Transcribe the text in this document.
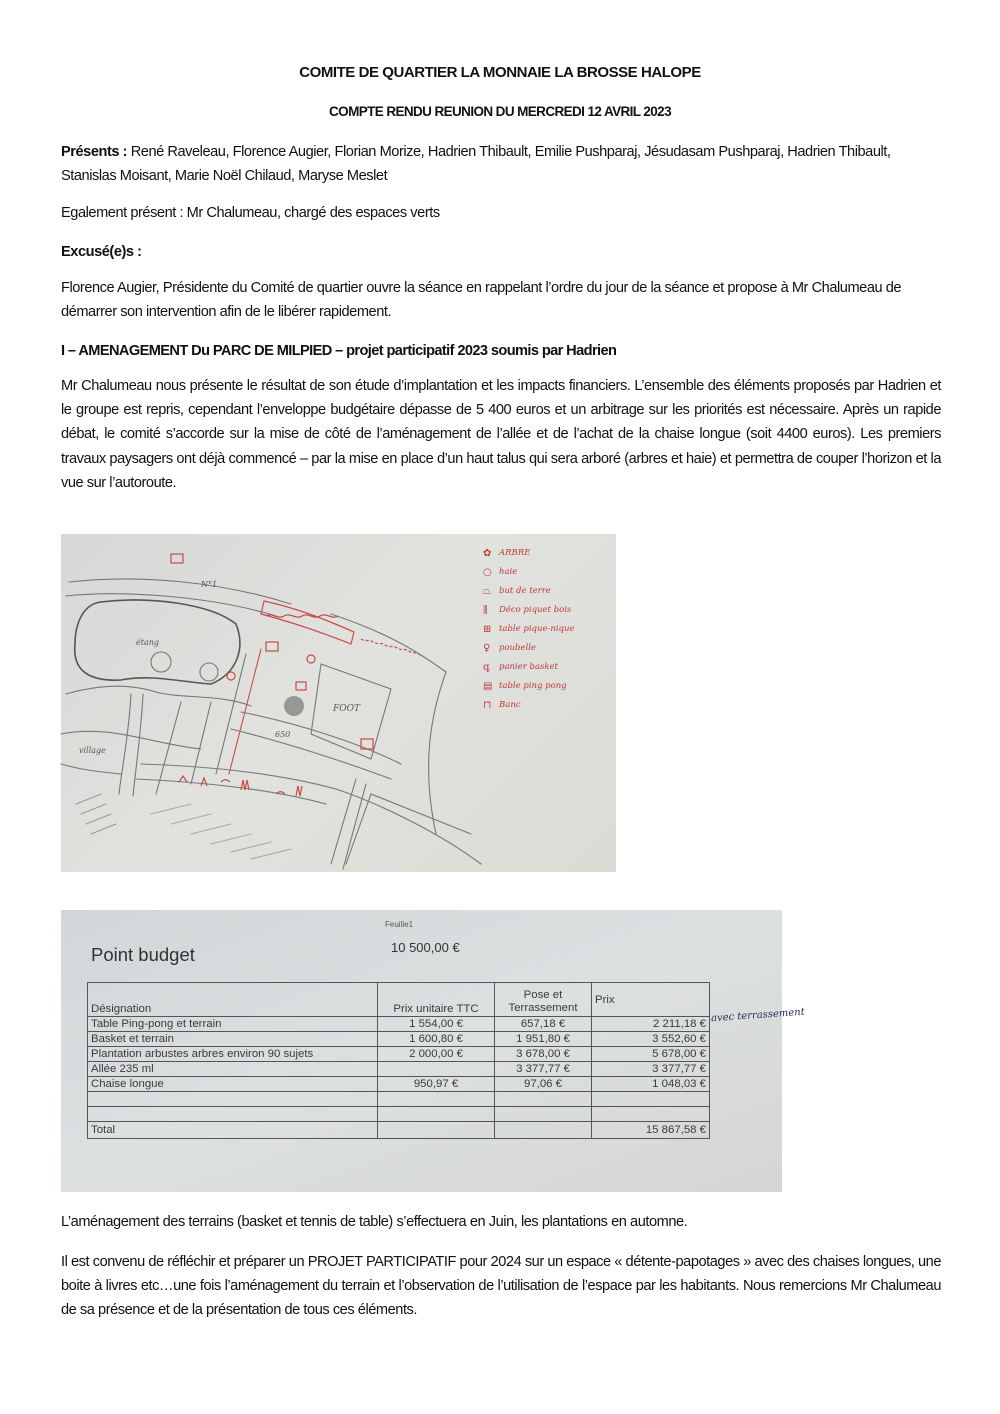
COMITE DE QUARTIER LA MONNAIE LA BROSSE HALOPE
COMPTE RENDU REUNION DU MERCREDI 12 AVRIL 2023
Présents : René Raveleau, Florence Augier, Florian Morize, Hadrien Thibault, Emilie Pushparaj, Jésudasam Pushparaj, Hadrien Thibault, Stanislas Moisant, Marie Noël Chilaud, Maryse Meslet
Egalement présent : Mr Chalumeau, chargé des espaces verts
Excusé(e)s :
Florence Augier, Présidente du Comité de quartier ouvre la séance en rappelant l’ordre du jour de la séance et propose à Mr Chalumeau de démarrer son intervention afin de le libérer rapidement.
I – AMENAGEMENT Du PARC DE MILPIED – projet participatif 2023 soumis par Hadrien
Mr Chalumeau nous présente le résultat de son étude d’implantation et les impacts financiers. L’ensemble des éléments proposés par Hadrien et le groupe est repris, cependant l’enveloppe budgétaire dépasse de 5 400 euros et un arbitrage sur les priorités est nécessaire. Après un rapide débat, le comité s’accorde sur la mise de côté de l’aménagement de l’allée et de l’achat de la chaise longue (soit 4400 euros). Les premiers travaux paysagers ont déjà commencé – par la mise en place d’un haut talus qui sera arboré (arbres et haie) et permettra de couper l’horizon et la vue sur l’autoroute.
étang
N°1
FOOT
650
village
✿ ARBRE
○ haie
⏢ but de terre
⫼	Déco piquet bois
⊞ table pique-nique
♀	poubelle
գ	panier basket
▤ table ping pong
⊓ Banc
Feuille1
Point budget	10 500,00 €
Désignation	Prix unitaire TTC	Pose et Terrassement	Prix
Table Ping-pong et terrain	1 554,00 €	657,18 €	2 211,18 €
Basket et terrain	1 600,80 €	1 951,80 €	3 552,60 €
Plantation arbustes arbres environ 90 sujets	2 000,00 €	3 678,00 €	5 678,00 €
Allée 235 ml		3 377,77 €	3 377,77 €
Chaise longue	950,97 €	97,06 €	1 048,03 €

Total			15 867,58 €
avec terrassement
L’aménagement des terrains (basket et tennis de table) s’effectuera en Juin, les plantations en automne.
Il est convenu de réfléchir et préparer un PROJET PARTICIPATIF pour 2024 sur un espace « détente-papotages » avec des chaises longues, une boite à livres etc…une fois l’aménagement du terrain et l’observation de l’utilisation de l’espace par les habitants. Nous remercions Mr Chalumeau de sa présence et de la présentation de tous ces éléments.
